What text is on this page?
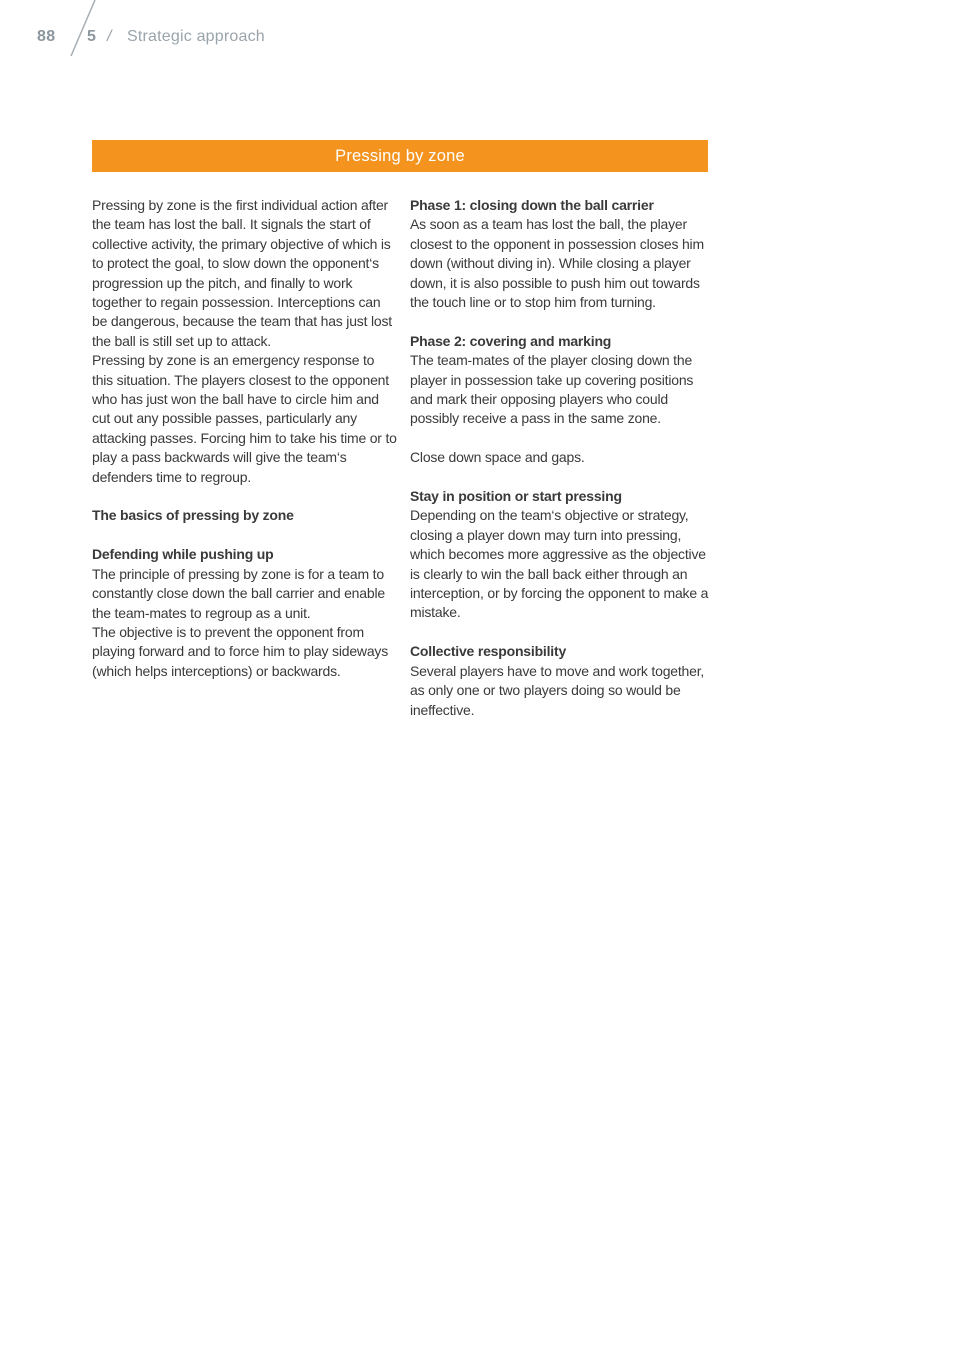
88 5 / Strategic approach
Pressing by zone

Pressing by zone is the first individual action after the team has lost the ball. It signals the start of collective activity, the primary objective of which is to protect the goal, to slow down the opponent‘s progression up the pitch, and finally to work together to regain possession. Interceptions can be dangerous, because the team that has just lost the ball is still set up to attack.

Pressing by zone is an emergency response to this situation. The players closest to the opponent who has just won the ball have to circle him and cut out any possible passes, particularly any attacking passes. Forcing him to take his time or to play a pass backwards will give the team‘s defenders time to regroup.

The basics of pressing by zone
Defending while pushing up

The principle of pressing by zone is for a team to constantly close down the ball carrier and enable the team-mates to regroup as a unit.

The objective is to prevent the opponent from playing forward and to force him to play sideways (which helps interceptions) or backwards.

Phase 1: closing down the ball carrier

As soon as a team has lost the ball, the player closest to the opponent in possession closes him down (without diving in). While closing a player down, it is also possible to push him out towards the touch line or to stop him from turning.

Phase 2: covering and marking

The team-mates of the player closing down the player in possession take up covering positions and mark their opposing players who could possibly receive a pass in the same zone.

Close down space and gaps.

Stay in position or start pressing

Depending on the team‘s objective or strategy, closing a player down may turn into pressing, which becomes more aggressive as the objective is clearly to win the ball back either through an interception, or by forcing the opponent to make a mistake.

Collective responsibility

Several players have to move and work together, as only one or two players doing so would be ineffective.
